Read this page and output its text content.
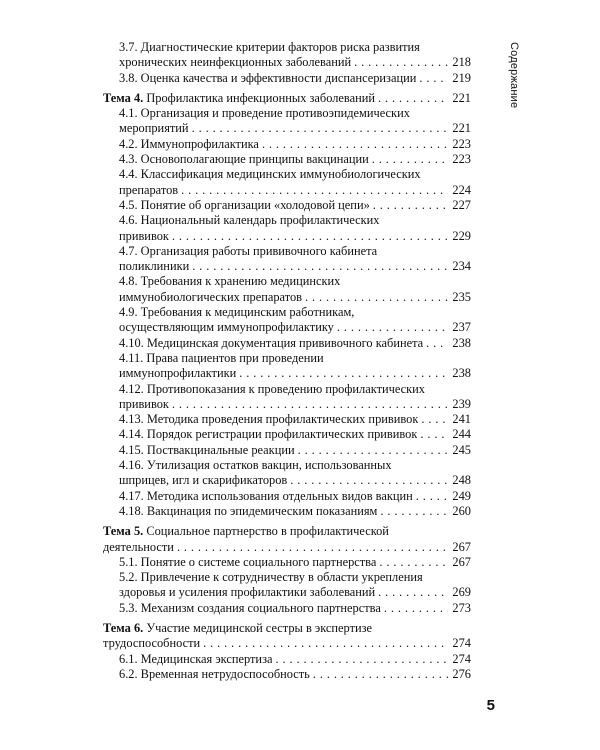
Содержание
3.7. Диагностические критерии факторов риска развития
хронических неинфекционных заболеваний . . .	218
3.8. Оценка качества и эффективности диспансеризации . . .	219
Тема 4. Профилактика инфекционных заболеваний . . .	221
4.1. Организация и проведение противоэпидемических
мероприятий . . .	221
4.2. Иммунопрофилактика . . .	223
4.3. Основополагающие принципы вакцинации . . .	223
4.4. Классификация медицинских иммунобиологических
препаратов . . .	224
4.5. Понятие об организации «холодовой цепи» . . .	227
4.6. Национальный календарь профилактических
прививок . . .	229
4.7. Организация работы прививочного кабинета
поликлиники . . .	234
4.8. Требования к хранению медицинских
иммунобиологических препаратов . . .	235
4.9. Требования к медицинским работникам,
осуществляющим иммунопрофилактику . . .	237
4.10. Медицинская документация прививочного кабинета . . . 238
4.11. Права пациентов при проведении
иммунопрофилактики . . .	238
4.12. Противопоказания к проведению профилактических
прививок . . .	239
4.13. Методика проведения профилактических прививок . . .	241
4.14. Порядок регистрации профилактических прививок . . .	244
4.15. Поствакцинальные реакции . . .	245
4.16. Утилизация остатков вакцин, использованных
шприцев, игл и скарификаторов . . .	248
4.17. Методика использования отдельных видов вакцин . . .	249
4.18. Вакцинация по эпидемическим показаниям . . .	260
Тема 5. Социальное партнерство в профилактической
деятельности . . .	267
5.1. Понятие о системе социального партнерства . . .	267
5.2. Привлечение к сотрудничеству в области укрепления
здоровья и усиления профилактики заболеваний . . .	269
5.3. Механизм создания социального партнерства . . .	273
Тема 6. Участие медицинской сестры в экспертизе
трудоспособности . . .	274
6.1. Медицинская экспертиза . . .	274
6.2. Временная нетрудоспособность . . .	276
5
